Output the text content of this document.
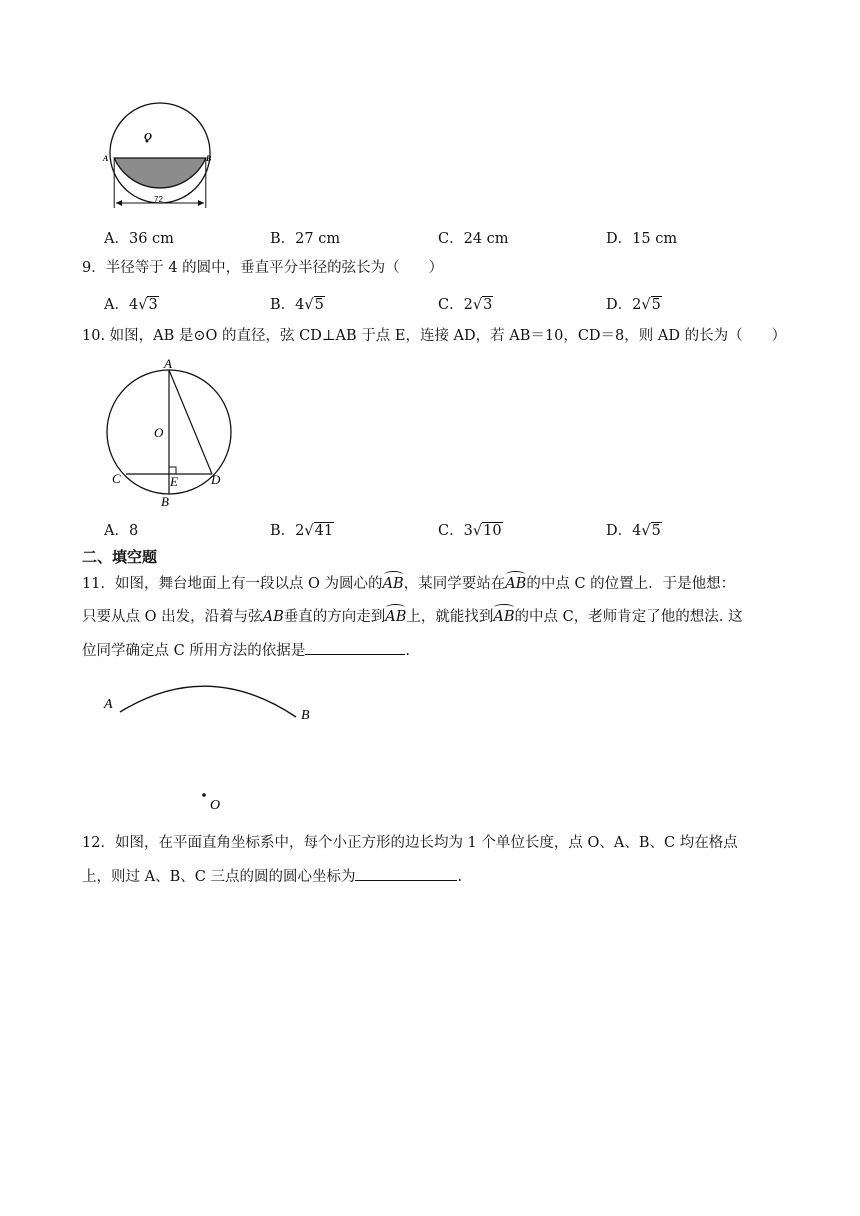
O
A	B
72
A．36 cm	B．27 cm	C．24 cm	D．15 cm
9．半径等于 4 的圆中，垂直平分半径的弦长为（　　）
A．4√3	B．4√5	C．2√3	D．2√5
10. 如图，AB 是⊙O 的直径，弦 CD⊥AB 于点 E，连接 AD，若 AB＝10，CD＝8，则 AD 的长为（　　）
A
O
C	E	D
B
A．8	B．2√41	C．3√10	D．4√5
二、填空题
11．如图，舞台地面上有一段以点 O 为圆心的AB，某同学要站在AB的中点 C 的位置上．于是他想：
只要从点 O 出发，沿着与弦AB垂直的方向走到AB上，就能找到AB的中点 C，老师肯定了他的想法. 这
位同学确定点 C 所用方法的依据是	.
A
B
O
12．如图，在平面直角坐标系中，每个小正方形的边长均为 1 个单位长度，点 O、A、B、C 均在格点
上，则过 A、B、C 三点的圆的圆心坐标为	.
